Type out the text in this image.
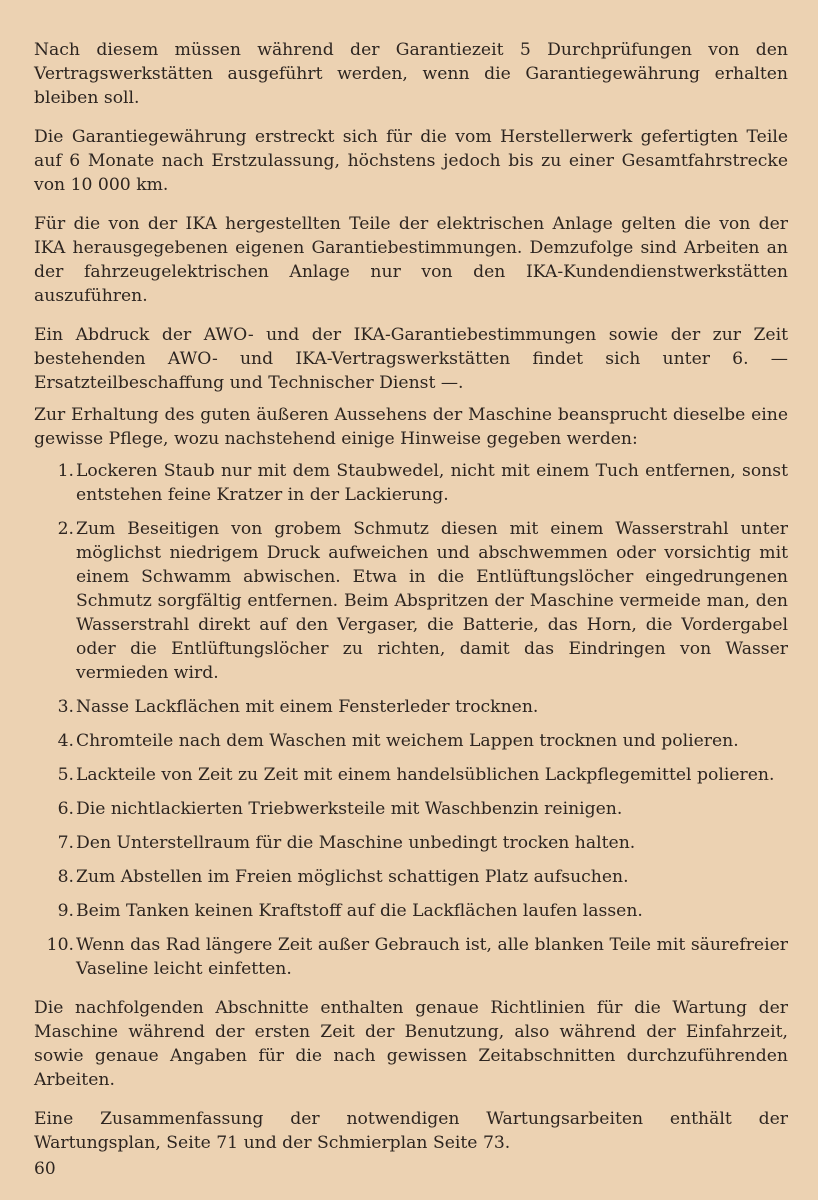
Nach diesem müssen während der Garantiezeit 5 Durchprüfungen von den Vertragswerkstätten ausgeführt werden, wenn die Garantiegewährung erhalten bleiben soll.

Die Garantiegewährung erstreckt sich für die vom Herstellerwerk gefertigten Teile auf 6 Monate nach Erstzulassung, höchstens jedoch bis zu einer Gesamtfahrstrecke von 10 000 km.

Für die von der IKA hergestellten Teile der elektrischen Anlage gelten die von der IKA herausgegebenen eigenen Garantiebestimmungen. Demzufolge sind Arbeiten an der fahrzeugelektrischen Anlage nur von den IKA-Kundendienstwerkstätten auszuführen.

Ein Abdruck der AWO- und der IKA-Garantiebestimmungen sowie der zur Zeit bestehenden AWO- und IKA-Vertragswerkstätten findet sich unter 6. — Ersatzteilbeschaffung und Technischer Dienst —.

Zur Erhaltung des guten äußeren Aussehens der Maschine beansprucht dieselbe eine gewisse Pflege, wozu nachstehend einige Hinweise gegeben werden:

1. Lockeren Staub nur mit dem Staubwedel, nicht mit einem Tuch entfernen, sonst entstehen feine Kratzer in der Lackierung.
2. Zum Beseitigen von grobem Schmutz diesen mit einem Wasserstrahl unter möglichst niedrigem Druck aufweichen und abschwemmen oder vorsichtig mit einem Schwamm abwischen. Etwa in die Entlüftungslöcher eingedrungenen Schmutz sorgfältig entfernen. Beim Abspritzen der Maschine vermeide man, den Wasserstrahl direkt auf den Vergaser, die Batterie, das Horn, die Vordergabel oder die Entlüftungslöcher zu richten, damit das Eindringen von Wasser vermieden wird.
3. Nasse Lackflächen mit einem Fensterleder trocknen.
4. Chromteile nach dem Waschen mit weichem Lappen trocknen und polieren.
5. Lackteile von Zeit zu Zeit mit einem handelsüblichen Lackpflegemittel polieren.
6. Die nichtlackierten Triebwerksteile mit Waschbenzin reinigen.
7. Den Unterstellraum für die Maschine unbedingt trocken halten.
8. Zum Abstellen im Freien möglichst schattigen Platz aufsuchen.
9. Beim Tanken keinen Kraftstoff auf die Lackflächen laufen lassen.
10. Wenn das Rad längere Zeit außer Gebrauch ist, alle blanken Teile mit säurefreier Vaseline leicht einfetten.

Die nachfolgenden Abschnitte enthalten genaue Richtlinien für die Wartung der Maschine während der ersten Zeit der Benutzung, also während der Einfahrzeit, sowie genaue Angaben für die nach gewissen Zeitabschnitten durchzuführenden Arbeiten.

Eine Zusammenfassung der notwendigen Wartungsarbeiten enthält der Wartungsplan, Seite 71 und der Schmierplan Seite 73.

60
